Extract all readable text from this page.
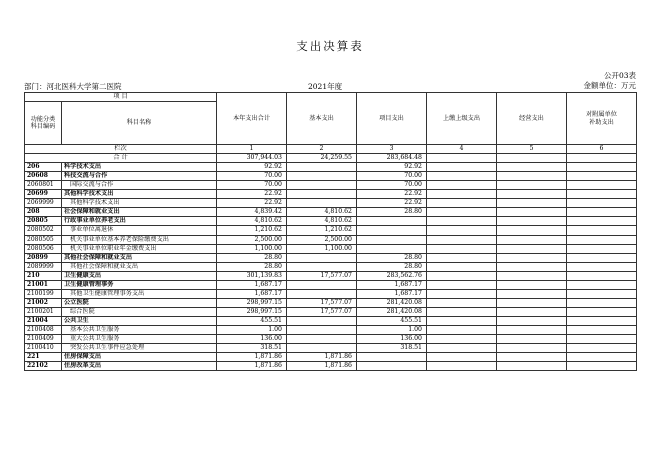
支出决算表
公开03表
部门：河北医科大学第二医院	2021年度	金额单位：万元
项 目		本年支出合计	基本支出	项目支出	上缴上级支出	经营支出	对附属单位
补助支出
功能分类
科目编码	科目名称						
栏次		1	2	3	4	5	6
合 计		307,944.03	24,259.55	283,684.48			
206	科学技术支出	92.92		92.92			
20608	科技交流与合作	70.00		70.00			
2060801	国际交流与合作	70.00		70.00			
20699	其他科学技术支出	22.92		22.92			
2069999	其他科学技术支出	22.92		22.92			
208	社会保障和就业支出	4,839.42	4,810.62	28.80			
20805	行政事业单位养老支出	4,810.62	4,810.62				
2080502	事业单位离退休	1,210.62	1,210.62				
2080505	机关事业单位基本养老保险缴费支出	2,500.00	2,500.00				
2080506	机关事业单位职业年金缴费支出	1,100.00	1,100.00				
20899	其他社会保障和就业支出	28.80		28.80			
2089999	其他社会保障和就业支出	28.80		28.80			
210	卫生健康支出	301,139.83	17,577.07	283,562.76			
21001	卫生健康管理事务	1,687.17		1,687.17			
2100199	其他卫生健康管理事务支出	1,687.17		1,687.17			
21002	公立医院	298,997.15	17,577.07	281,420.08			
2100201	综合医院	298,997.15	17,577.07	281,420.08			
21004	公共卫生	455.51		455.51			
2100408	基本公共卫生服务	1.00		1.00			
2100409	重大公共卫生服务	136.00		136.00			
2100410	突发公共卫生事件应急处理	318.51		318.51			
221	住房保障支出	1,871.86	1,871.86				
22102	住房改革支出	1,871.86	1,871.86				
